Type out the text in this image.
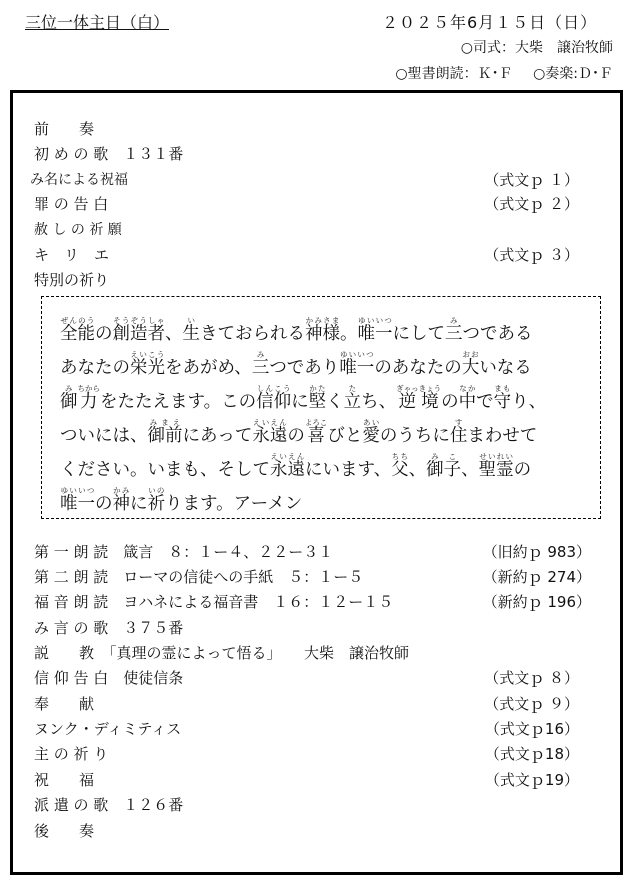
三位一体主日（白）	２０２５年6月１５日（日）
○司式：大柴　譲治牧師
○聖書朗読：Ｋ･Ｆ ○奏楽:Ｄ･Ｆ
前　　奏
初 め の 歌　１３１番
み名による祝福	（式文ｐ １）
罪 の 告 白	（式文ｐ ２）
赦 し の 祈 願
キ　リ　エ	（式文ｐ ３）
特別の祈り
全能ぜんのう
の 創造者そうぞうしゃ
、 生い
きておられる 神様かみさま
。 唯一ゆいいつ
にして 三み
つである
あなたの 栄光えいこう
をあがめ、 三み
つであり 唯一ゆいいつ
のあなたの 大おお
いなる
御み
力ちから
をたたえます。この 信仰しんこう
に 堅かた
く 立た
ち、 逆境ぎゃっきょう
の 中なか
で 守まも
り、
ついには、 御前みまえ
にあって 永遠えいえん
の 喜よろこ
びと 愛あい
のうちに 住す
まわせて
ください。いまも、そして 永遠えいえん
にいます、 父ちち
、 御子みこ
、 聖霊せいれい
の
唯一ゆいいつ
の 神かみ
に 祈いの
ります。アーメン
第 一 朗 読　箴言　８：１ー４、２２ー３１	（旧約ｐ 983）
第 二 朗 読　ローマの信徒への手紙　５：１ー５	（新約ｐ 274）
福 音 朗 読　ヨハネによる福音書　１６：１２ー１５	（新約ｐ 196）
み 言 の 歌　３７５番
説　　教　「真理の霊によって悟る」　　大柴　譲治牧師
信 仰 告 白　使徒信条	（式文ｐ ８）
奉　　献	（式文ｐ ９）
ヌンク・ディミティス	（式文ｐ16）
主 の 祈 り	（式文ｐ18）
祝　　福	（式文ｐ19）
派 遣 の 歌　１２６番
後　　奏
